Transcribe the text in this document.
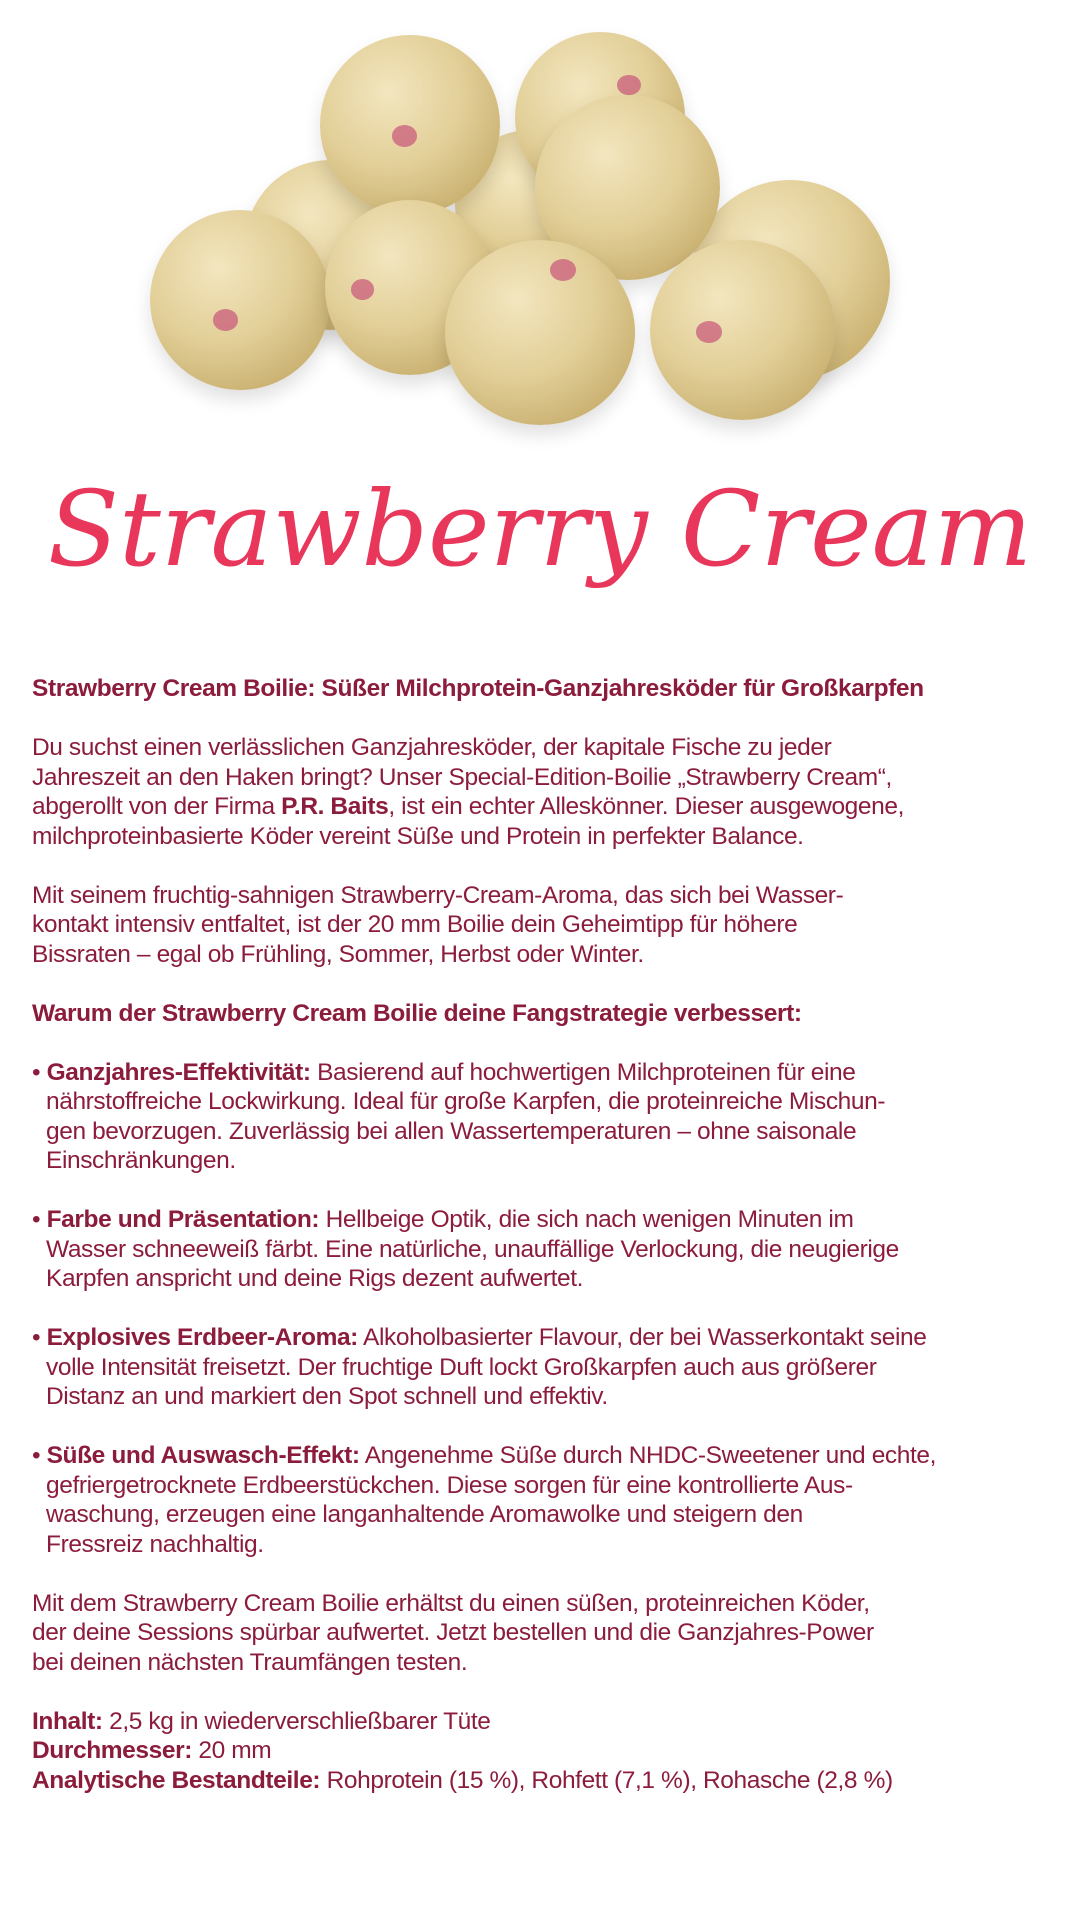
Strawberry Cream
Strawberry Cream Boilie: Süßer Milchprotein-Ganzjahresköder für Großkarpfen
Du suchst einen verlässlichen Ganzjahresköder, der kapitale Fische zu jeder
Jahreszeit an den Haken bringt? Unser Special-Edition-Boilie „Strawberry Cream“,
abgerollt von der Firma P.R. Baits, ist ein echter Alleskönner. Dieser ausgewogene,
milchproteinbasierte Köder vereint Süße und Protein in perfekter Balance.
Mit seinem fruchtig-sahnigen Strawberry-Cream-Aroma, das sich bei Wasser-
kontakt intensiv entfaltet, ist der 20 mm Boilie dein Geheimtipp für höhere
Bissraten – egal ob Frühling, Sommer, Herbst oder Winter.
Warum der Strawberry Cream Boilie deine Fangstrategie verbessert:
• Ganzjahres-Effektivität: Basierend auf hochwertigen Milchproteinen für eine
nährstoffreiche Lockwirkung. Ideal für große Karpfen, die proteinreiche Mischun-
gen bevorzugen. Zuverlässig bei allen Wassertemperaturen – ohne saisonale
Einschränkungen.
• Farbe und Präsentation: Hellbeige Optik, die sich nach wenigen Minuten im
Wasser schneeweiß färbt. Eine natürliche, unauffällige Verlockung, die neugierige
Karpfen anspricht und deine Rigs dezent aufwertet.
• Explosives Erdbeer-Aroma: Alkoholbasierter Flavour, der bei Wasserkontakt seine
volle Intensität freisetzt. Der fruchtige Duft lockt Großkarpfen auch aus größerer
Distanz an und markiert den Spot schnell und effektiv.
• Süße und Auswasch-Effekt: Angenehme Süße durch NHDC-Sweetener und echte,
gefriergetrocknete Erdbeerstückchen. Diese sorgen für eine kontrollierte Aus-
waschung, erzeugen eine langanhaltende Aromawolke und steigern den
Fressreiz nachhaltig.
Mit dem Strawberry Cream Boilie erhältst du einen süßen, proteinreichen Köder,
der deine Sessions spürbar aufwertet. Jetzt bestellen und die Ganzjahres-Power
bei deinen nächsten Traumfängen testen.
Inhalt: 2,5 kg in wiederverschließbarer Tüte
Durchmesser: 20 mm
Analytische Bestandteile: Rohprotein (15 %), Rohfett (7,1 %), Rohasche (2,8 %)
